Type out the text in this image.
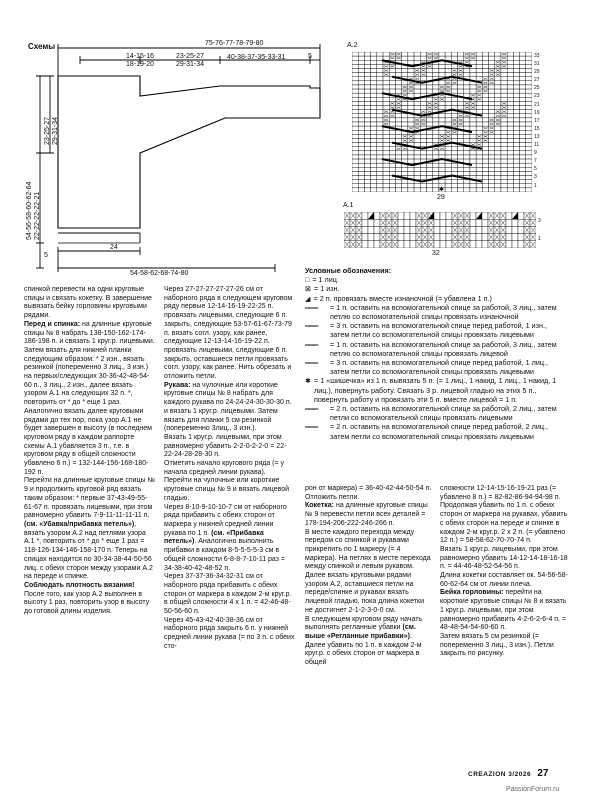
Схемы	75-76-77-78-79-80
14-15-16
18-19-20
23-25-27
29-31-34
40-38-37-35-33-31	5
23-25-27
29-31-34
54-56-58-60-62-64
22-22-22-22-21
5
24
54-58-62-68-74-80
A.2
✱
29
33
31
29
27
25
23
21
19
17
15
13
11
9
7
5
3
1
A.1
32
3
1
Условные обозначения:
□ = 1 лиц.
⊠ = 1 изн.
◢ = 2 п. провязать вместе изнаночной (= убавлена 1 п.)
═══	= 1 п. оставить на вспомогательной спице за работой, 3 лиц., затем петлю со вспомогательной спицы провязать изнаночной
═══	= 3 п. оставить на вспомогательной спице перед работой, 1 изн., затем петли со вспомогательной спицы провязать лицевыми
═══	= 1 п. оставить на вспомогательной спице за работой, 3 лиц., затем петлю со вспомогательной спицы провязать лицевой
═══	= 3 п. оставить на вспомогательной спице перед работой, 1 лиц., затем петли со вспомогательной спицы провязать лицевыми
✱ = 1 «шишечка» из 1 п. вывязать 5 п. (= 1 лиц., 1 накид, 1 лиц., 1 накид, 1 лиц.), повернуть работу. Связать 3 р. лицевой гладью на этих 5 п., повернуть работу и провязать эти 5 п. вместе лицевой = 1 п.
═══	= 2 п. оставить на вспомогательной спице за работой, 2 лиц., затем петли со вспомогательной спицы провязать лицевыми
═══	= 2 п. оставить на вспомогательной спице перед работой, 2 лиц., затем петли со вспомогательной спицы провязать лицевыми

спинкой перевести на одни круговые спицы и связать кокетку. В завершение вывязать бейку горловины круговыми рядами.

Перед и спинка: на длинные круговые спицы № 8 набрать 138-150-162-174-186-198 п. и связать 1 круг.р. лицевыми. Затем вязать для нижней планки следующим образом: * 2 изн., вязать резинкой (попеременно 3 лиц., 3 изн.) на первых/следующих 30-36-42-48-54-60 п., 3 лиц., 2 изн., далее вязать узором А.1 на следующих 32 п. *, повторить от * до * еще 1 раз. Аналогично вязать далее круговыми рядами до тех пор, пока узор А.1 не будет завершен в высоту (в последнем круговом ряду в каждом раппорте схемы А.1 убавляется 3 п., т.е. в круговом ряду в общей сложности убавлено 6 п.) = 132-144-156-168-180-192 п.

Перейти на длинные круговые спицы № 9 и продолжить круговой ряд вязать таким образом: * первые 37-43-49-55-61-67 п. провязать лицевыми, при этом равномерно убавить 7-9-11-11-11-11 п. (см. «Убавка/прибавка петель»), вязать узором А.2 над петлями узора А.1 *, повторить от * до * еще 1 раз = 118-126-134-146-158-170 п. Теперь на спицах находится по 30-34-38-44-50-56 лиц. с обеих сторон между узорами А.2 на переде и спинке.

Соблюдать плотность вязания!

После того, как узор А.2 выполнен в высоту 1 раз, повторить узор в высоту до готовой длины изделия.

Через 27-27-27-27-27-26 см от наборного ряда в следующем круговом ряду первые 12-14-16-19-22-25 п. провязать лицевыми, следующие 6 п. закрыть, следующие 53-57-61-67-73-79 п. вязать согл. узору, как ранее, следующие 12-13-14-16-19-22 п. провязать лицевыми, следующие 6 п. закрыть, оставшиеся петли провязать согл. узору, как ранее. Нить обрезать и отложить петли.

Рукава: на чулочные или короткие круговые спицы № 8 набрать для каждого рукава по 24-24-24-30-30-30 п. и вязать 1 круг.р. лицевыми. Затем вязать для планки 5 см резинкой (попеременно 3лиц., 3 изн.).

Вязать 1 круг.р. лицевыми, при этом равномерно убавить 2-2-0-2-2-0 = 22-22-24-28-28-30 п.

Отметить начало кругового ряда (= у начала средней линии рукава).

Перейти на чулочные или короткие круговые спицы № 9 и вязать лицевой гладью.

Через 8-10-9-10-10-7 см от наборного ряда прибавить с обеих сторон от маркера у нижней средней линии рукава по 1 п. (см. «Прибавка петель»). Аналогично выполнить прибавки в каждом 8-5-5-5-5-3 см в общей сложности 6-8-8-7-10-11 раз = 34-38-40-42-48-52 п.

Через 37-37-36-34-32-31 см от наборного ряда прибавить с обеих сторон от маркера в каждом 2-м круг.р. в общей сложности 4 х 1 п. = 42-46-48-50-56-60 п.

Через 45-43-42-40-38-36 см от наборного ряда закрыть 6 п. у нижней средней линии рукава (= по 3 п. с обеих сто-

рон от маркера) = 36-40-42-44-50-54 п.

Отложить петли.

Кокетка: на длинные круговые спицы № 9 перевести петли всех деталей = 178-194-206-222-246-266 п.

В месте каждого перехода между передом со спинкой и рукавами прикрепить по 1 маркеру (= 4 маркера). На петлях в месте перехода между спинкой и левым рукавом. Далее вязать круговыми рядами узором А.2, оставшиеся петли на переде/спинке и рукавах вязать лицевой гладью, пока длина кокетки не достигнет 2-1-2-3-0-0 см.

В следующем круговом ряду начать выполнять регланные убавки (см. выше «Регланные прибавки»).

Далее убавить по 1 п. в каждом 2-м круг.р. с обеих сторон от маркера в общей

сложности 12-14-15-16-19-21 раз (= убавлено 8 п.) = 82-82-86-94-94-98 п.

Продолжая убавить по 1 п. с обеих сторон от маркера на рукавах, убавить с обеих сторон на переде и спинке в каждом 2-м круг.р. 2 х 2 п. (= убавлено 12 п.) = 58-58-62-70-70-74 п.

Вязать 1 круг.р. лицевыми, при этом равномерно убавить 14-12-14-18-16-18 п. = 44-46-48-52-54-56 п.

Длина кокетки составляет ок. 54-56-58-60-62-64 см от линии плеча.

Бейка горловины: перейти на короткие круговые спицы № 8 и вязать 1 круг.р. лицевыми, при этом равномерно прибавить 4-2-6-2-6-4 п. = 48-48-54-54-60-60 п.

Затем вязать 5 см резинкой (= попеременно 3 лиц., 3 изн.). Петли закрыть по рисунку.

CREAZION 3/2026 27
PassionForum.ru
